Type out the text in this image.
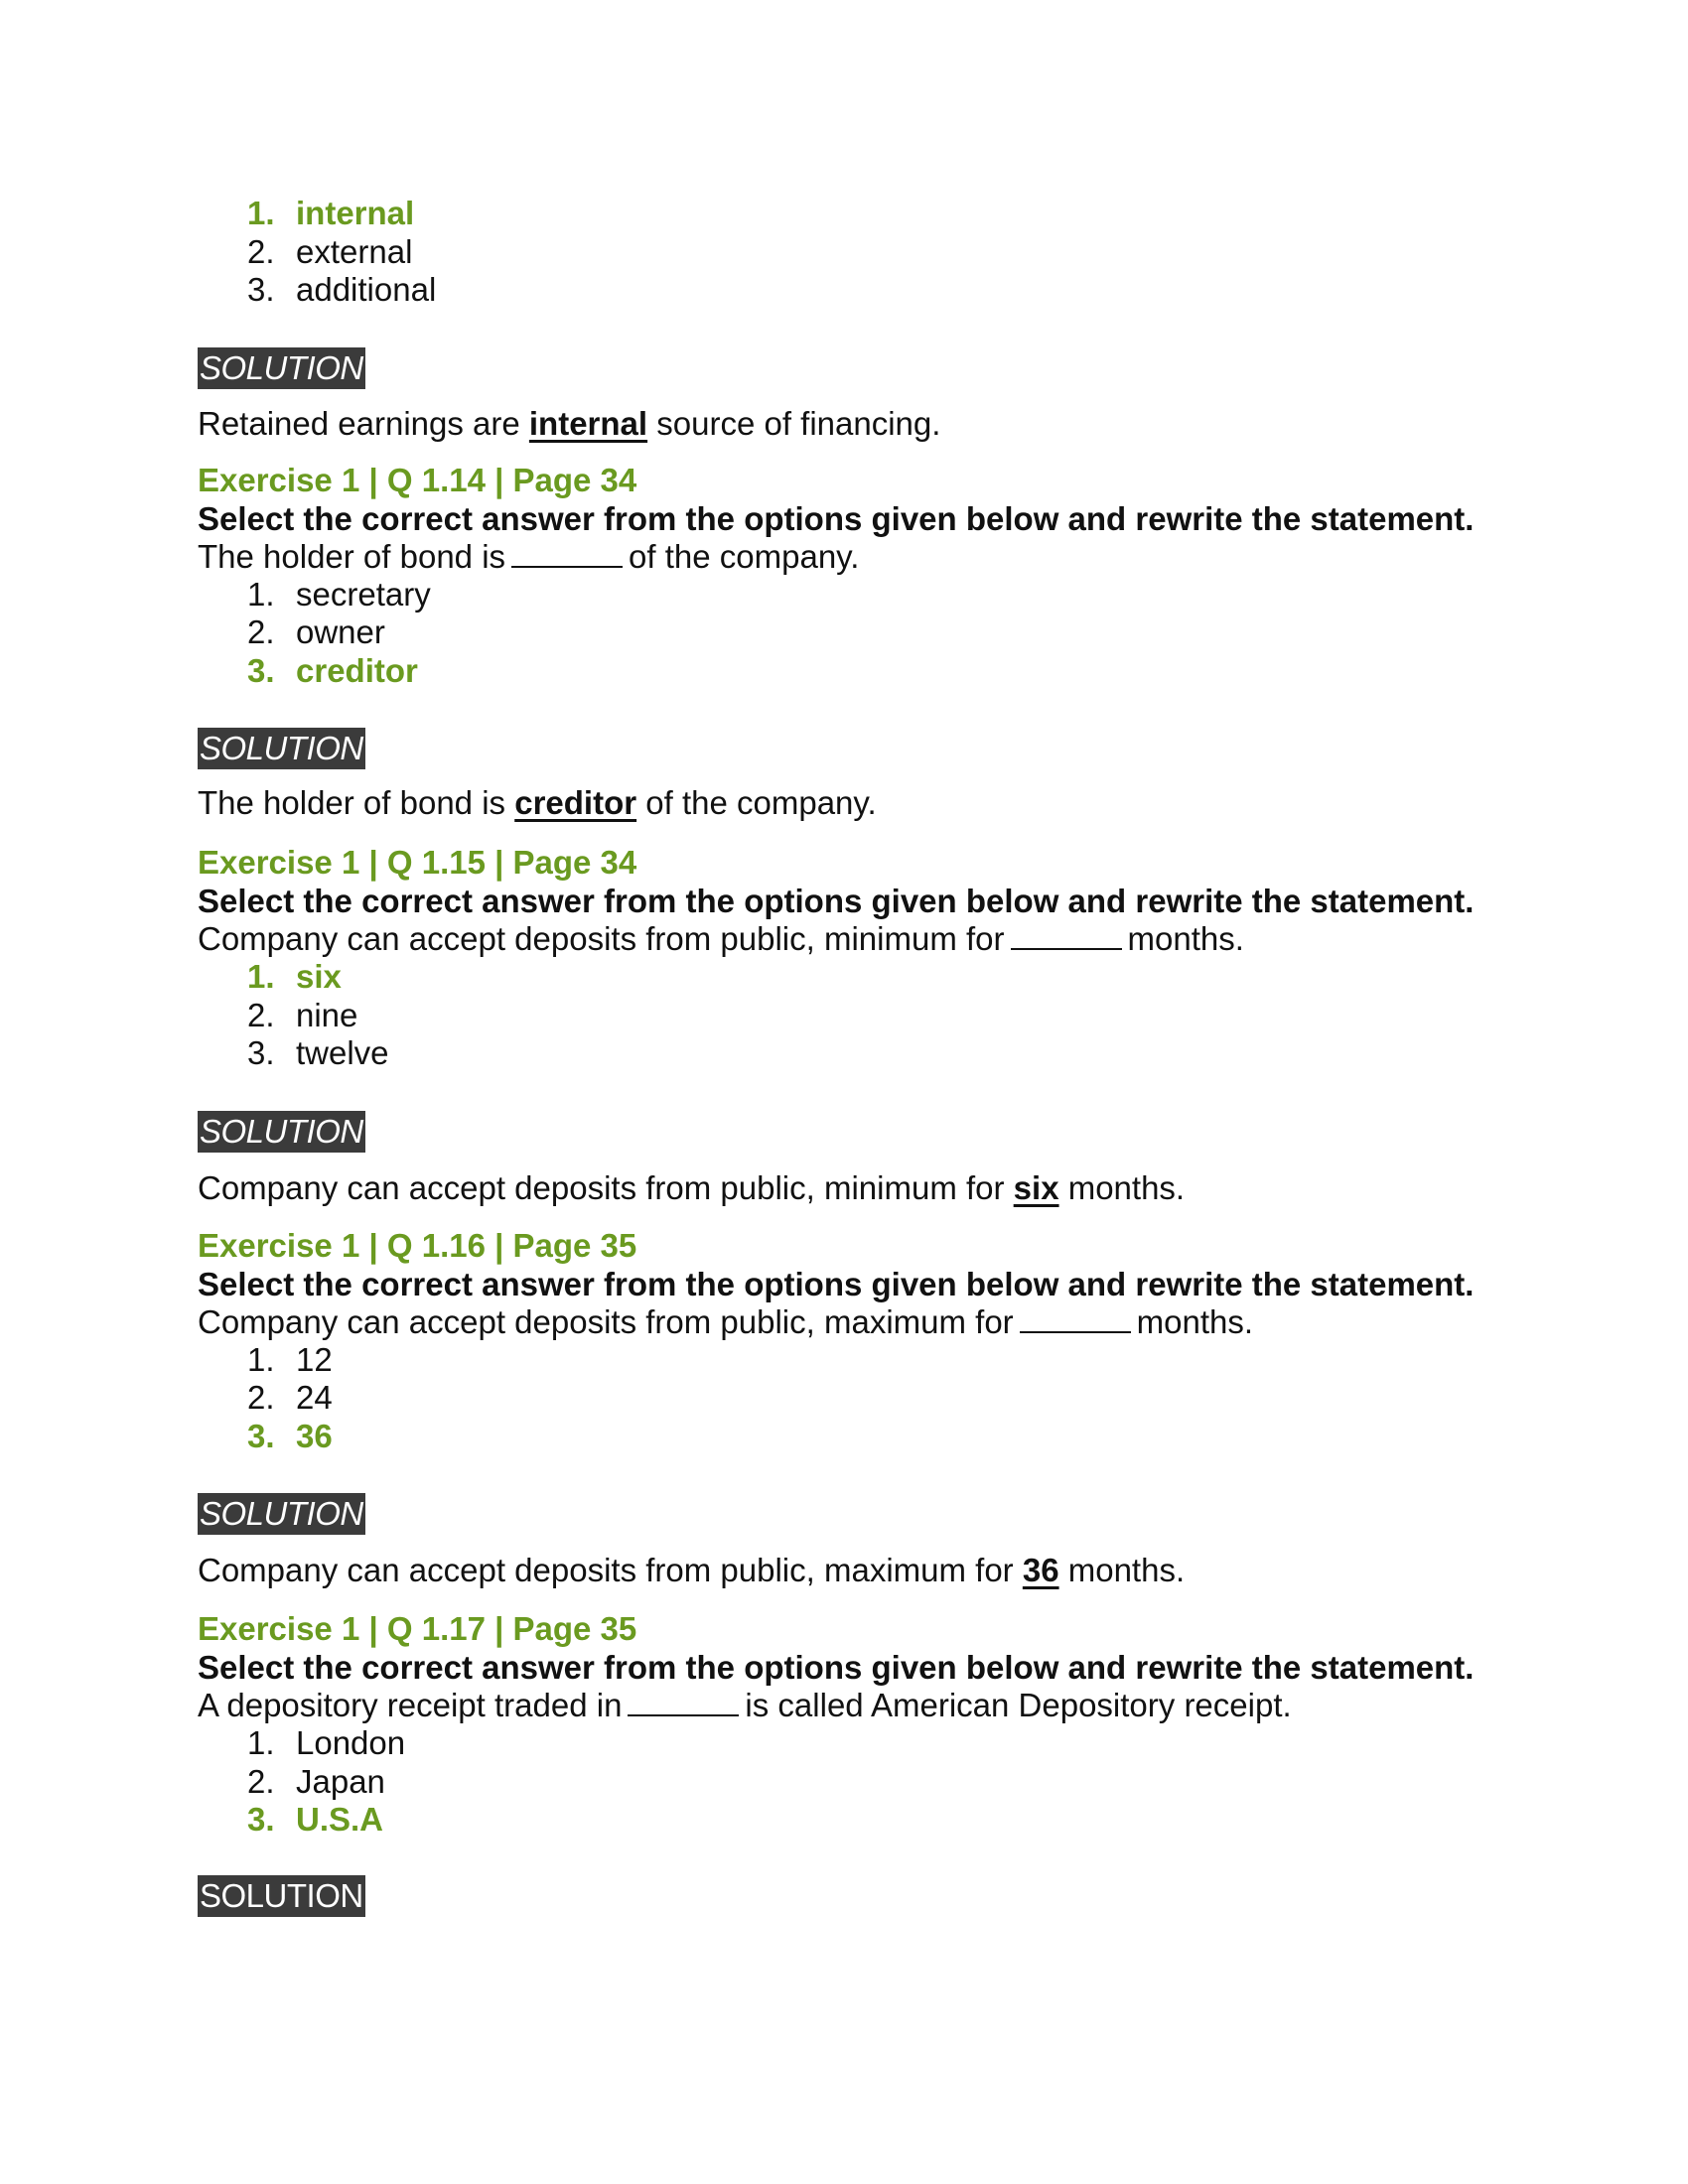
1. internal
2. external
3. additional
SOLUTION

Retained earnings are internal source of financing.

Exercise 1 | Q 1.14 | Page 34

Select the correct answer from the options given below and rewrite the statement.

The holder of bond is	of the company.

1. secretary
2. owner
3. creditor
SOLUTION

The holder of bond is creditor of the company.

Exercise 1 | Q 1.15 | Page 34

Select the correct answer from the options given below and rewrite the statement.

Company can accept deposits from public, minimum for	months.

1. six
2. nine
3. twelve
SOLUTION

Company can accept deposits from public, minimum for six months.

Exercise 1 | Q 1.16 | Page 35

Select the correct answer from the options given below and rewrite the statement.

Company can accept deposits from public, maximum for	months.

1. 12
2. 24
3. 36
SOLUTION

Company can accept deposits from public, maximum for 36 months.

Exercise 1 | Q 1.17 | Page 35

Select the correct answer from the options given below and rewrite the statement.

A depository receipt traded in	is called American Depository receipt.

1. London
2. Japan
3. U.S.A
SOLUTION
